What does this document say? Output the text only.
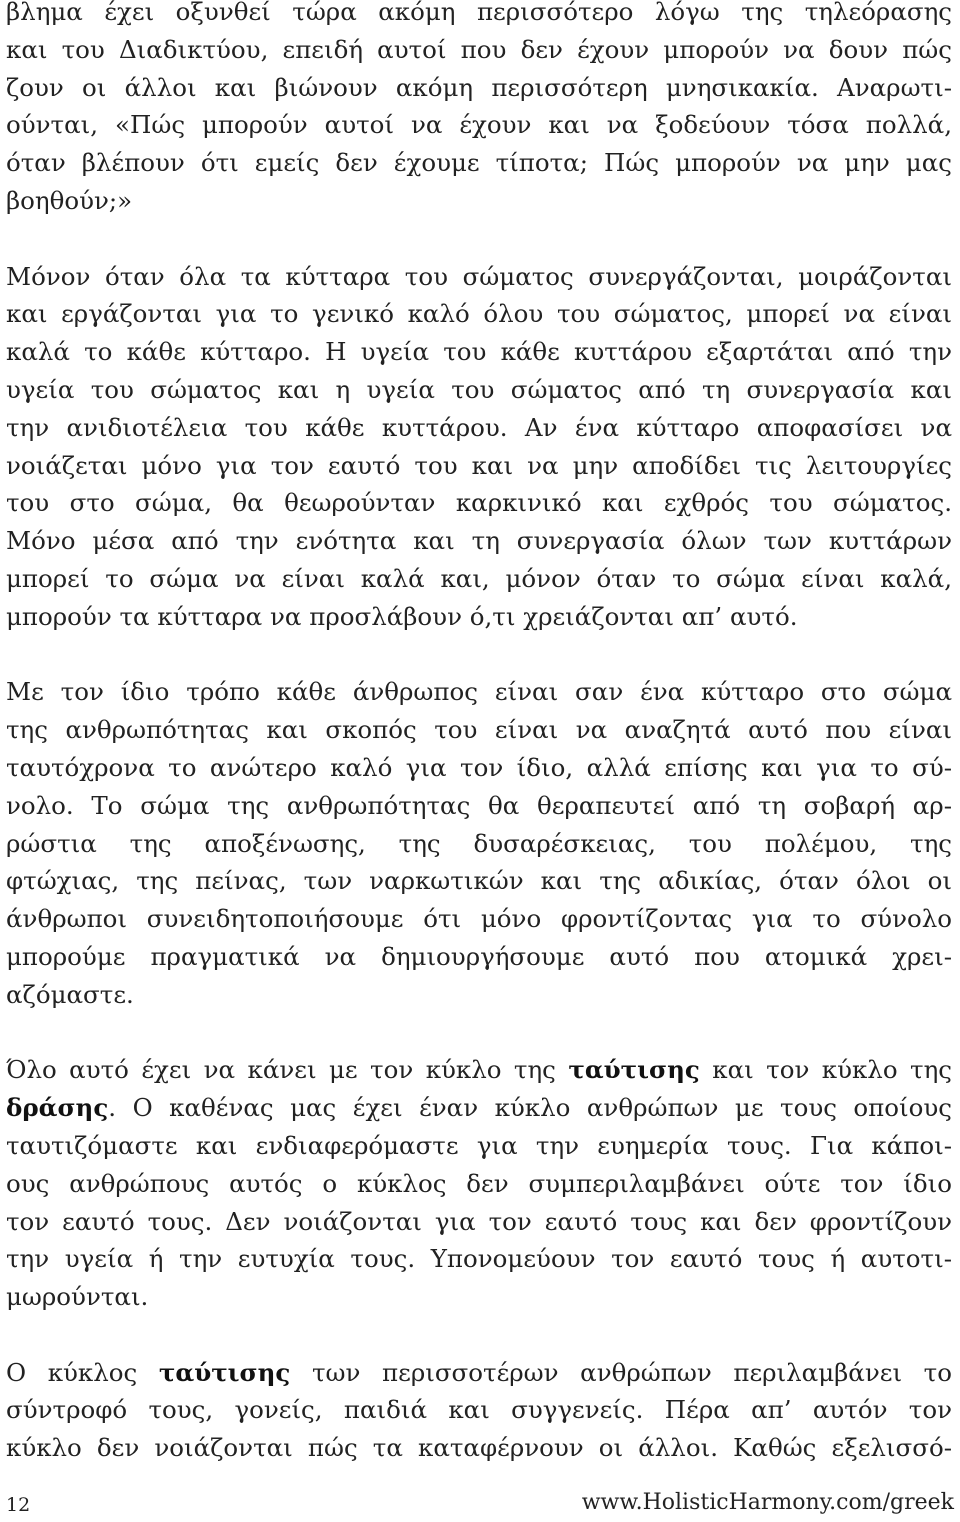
βλημα έχει οξυνθεί τώρα ακόμη περισσότερο λόγω της τηλεόρασης
και του Διαδικτύου, επειδή αυτοί που δεν έχουν μπορούν να δουν πώς
ζουν οι άλλοι και βιώνουν ακόμη περισσότερη μνησικακία. Αναρωτι-
ούνται, «Πώς μπορούν αυτοί να έχουν και να ξοδεύουν τόσα πολλά,
όταν βλέπουν ότι εμείς δεν έχουμε τίποτα; Πώς μπορούν να μην μας
βοηθούν;»
Μόνον όταν όλα τα κύτταρα του σώματος συνεργάζονται, μοιράζονται
και εργάζονται για το γενικό καλό όλου του σώματος, μπορεί να είναι
καλά το κάθε κύτταρο. Η υγεία του κάθε κυττάρου εξαρτάται από την
υγεία του σώματος και η υγεία του σώματος από τη συνεργασία και
την ανιδιοτέλεια του κάθε κυττάρου. Αν ένα κύτταρο αποφασίσει να
νοιάζεται μόνο για τον εαυτό του και να μην αποδίδει τις λειτουργίες
του στο σώμα, θα θεωρούνταν καρκινικό και εχθρός του σώματος.
Μόνο μέσα από την ενότητα και τη συνεργασία όλων των κυττάρων
μπορεί το σώμα να είναι καλά και, μόνον όταν το σώμα είναι καλά,
μπορούν τα κύτταρα να προσλάβουν ό,τι χρειάζονται απ’ αυτό.
Με τον ίδιο τρόπο κάθε άνθρωπος είναι σαν ένα κύτταρο στο σώμα
της ανθρωπότητας και σκοπός του είναι να αναζητά αυτό που είναι
ταυτόχρονα το ανώτερο καλό για τον ίδιο, αλλά επίσης και για το σύ-
νολο. Το σώμα της ανθρωπότητας θα θεραπευτεί από τη σοβαρή αρ-
ρώστια της αποξένωσης, της δυσαρέσκειας, του πολέμου, της
φτώχιας, της πείνας, των ναρκωτικών και της αδικίας, όταν όλοι οι
άνθρωποι συνειδητοποιήσουμε ότι μόνο φροντίζοντας για το σύνολο
μπορούμε πραγματικά να δημιουργήσουμε αυτό που ατομικά χρει-
αζόμαστε.
Όλο αυτό έχει να κάνει με τον κύκλο της ταύτισης και τον κύκλο της
δράσης. Ο καθένας μας έχει έναν κύκλο ανθρώπων με τους οποίους
ταυτιζόμαστε και ενδιαφερόμαστε για την ευημερία τους. Για κάποι-
ους ανθρώπους αυτός ο κύκλος δεν συμπεριλαμβάνει ούτε τον ίδιο
τον εαυτό τους. Δεν νοιάζονται για τον εαυτό τους και δεν φροντίζουν
την υγεία ή την ευτυχία τους. Υπονομεύουν τον εαυτό τους ή αυτοτι-
μωρούνται.
Ο κύκλος ταύτισης των περισσοτέρων ανθρώπων περιλαμβάνει το
σύντροφό τους, γονείς, παιδιά και συγγενείς. Πέρα απ’ αυτόν τον
κύκλο δεν νοιάζονται πώς τα καταφέρνουν οι άλλοι. Καθώς εξελισσό-
12	www.HolisticHarmony.com/greek
